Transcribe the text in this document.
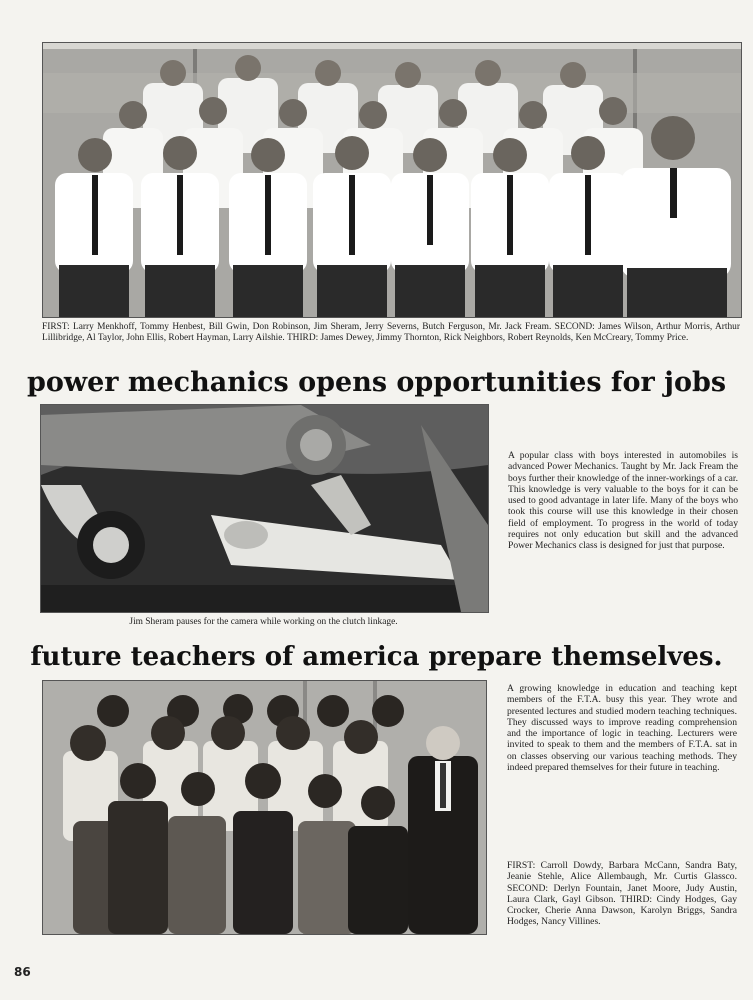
FIRST: Larry Menkhoff, Tommy Henbest, Bill Gwin, Don Robinson, Jim Sheram, Jerry Severns, Butch Ferguson, Mr. Jack Fream. SECOND: James Wilson, Arthur Morris, Arthur Lillibridge, Al Taylor, John Ellis, Robert Hayman, Larry Ailshie. THIRD: James Dewey, Jimmy Thornton, Rick Neighbors, Robert Reynolds, Ken McCreary, Tommy Price.

power mechanics opens opportunities for jobs

Jim Sheram pauses for the camera while working on the clutch linkage.

A popular class with boys interested in automobiles is advanced Power Mechanics. Taught by Mr. Jack Fream the boys further their knowledge of the inner-workings of a car. This knowledge is very valuable to the boys for it can be used to good advantage in later life. Many of the boys who took this course will use this knowledge in their chosen field of employment. To progress in the world of today requires not only education but skill and the advanced Power Mechanics class is designed for just that purpose.

future teachers of america prepare themselves.

A growing knowledge in education and teaching kept members of the F.T.A. busy this year. They wrote and presented lectures and studied modern teaching techniques. They discussed ways to improve reading comprehension and the importance of logic in teaching. Lecturers were invited to speak to them and the members of F.T.A. sat in on classes observing our various teaching methods. They indeed prepared themselves for their future in teaching.

FIRST: Carroll Dowdy, Barbara McCann, Sandra Baty, Jeanie Stehle, Alice Allembaugh, Mr. Curtis Glassco. SECOND: Derlyn Fountain, Janet Moore, Judy Austin, Laura Clark, Gayl Gibson. THIRD: Cindy Hodges, Gay Crocker, Cherie Anna Dawson, Karolyn Briggs, Sandra Hodges, Nancy Villines.

86
